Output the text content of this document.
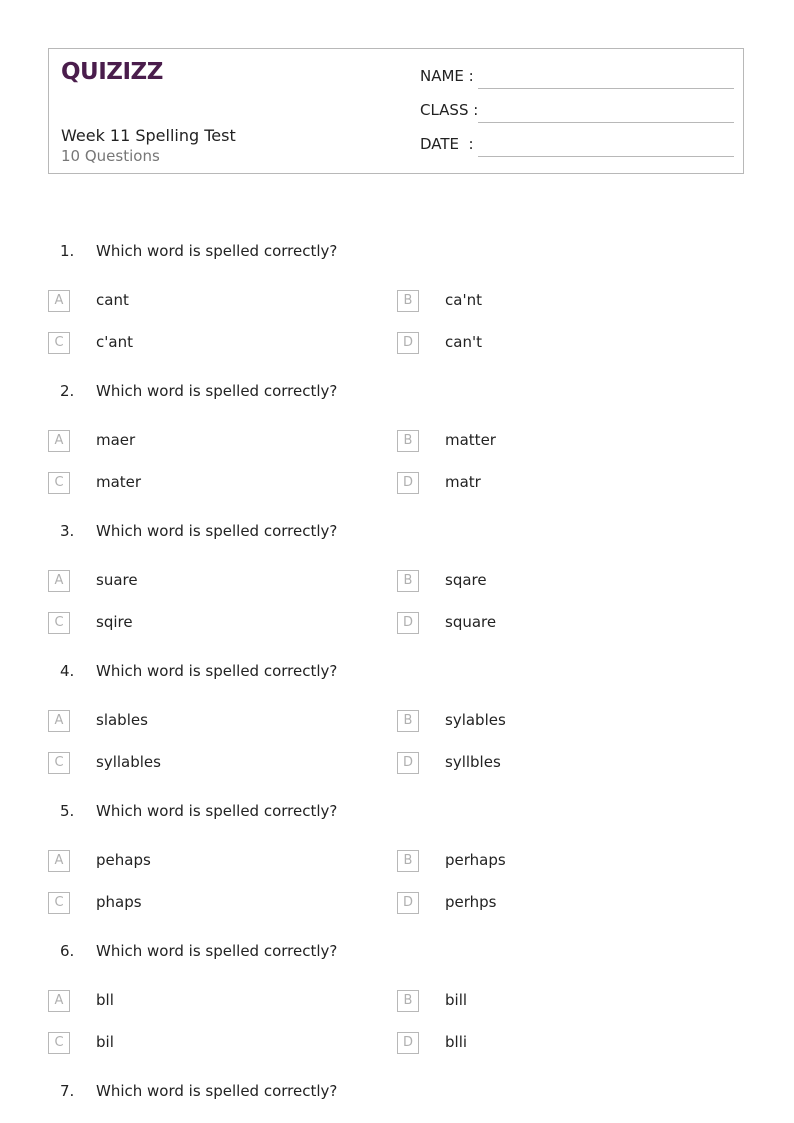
QUIZIZZ
Week 11 Spelling Test
10 Questions
NAME :
CLASS :
DATE  :
1. Which word is spelled correctly?
A	cant	B	ca'nt
C	c'ant	D	can't
2. Which word is spelled correctly?
A	maer	B	matter
C	mater	D	matr
3. Which word is spelled correctly?
A	suare	B	sqare
C	sqire	D	square
4. Which word is spelled correctly?
A	slables	B	sylables
C	syllables	D	syllbles
5. Which word is spelled correctly?
A	pehaps	B	perhaps
C	phaps	D	perhps
6. Which word is spelled correctly?
A	bll	B	bill
C	bil	D	blli
7. Which word is spelled correctly?
